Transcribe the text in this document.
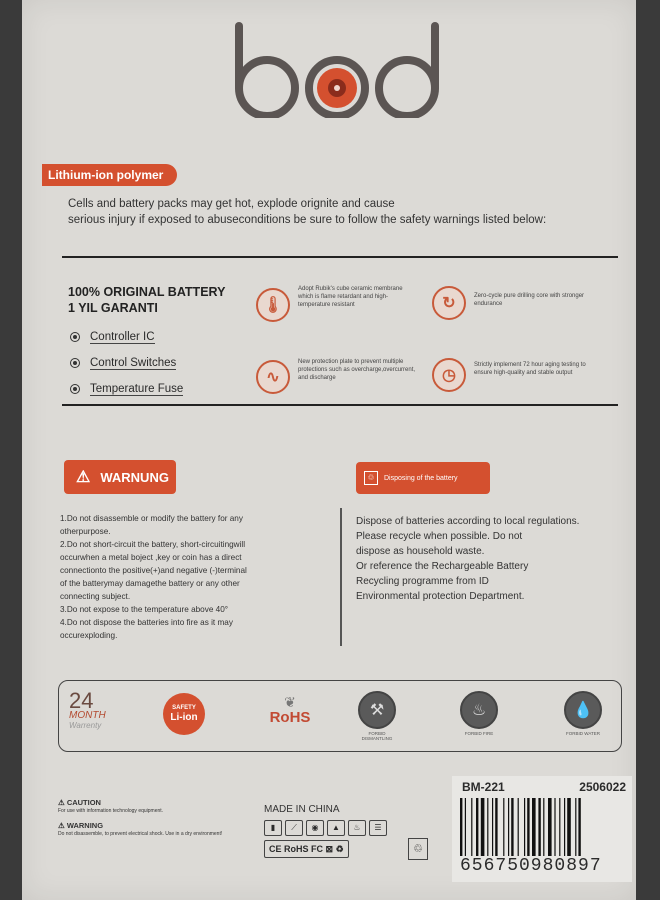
Lithium-ion polymer
Cells and battery packs may get hot, explode orignite and cause
serious injury if exposed to abuseconditions be sure to follow the safety warnings listed below:
100% ORIGINAL BATTERY
1 YIL GARANTI
Controller IC
Control Switches
Temperature Fuse
🌡
Adopt Rubik's cube ceramic membrane which is flame retardant and high-temperature resistant	↻	Zero-cycle pure drilling core with stronger endurance
∿
New protection plate to prevent multiple protections such as overcharge,overcurrent, and discharge	◷
Strictly implement 72 hour aging testing to ensure high-quality and stable output
⚠ WARNUNG	♲	Disposing of the battery
1.Do not disassemble or modify the battery for any
otherpurpose.
2.Do not short-circuit the battery, short-circuitingwill
occurwhen a metal boject ,key or coin has a direct
connectionto the positive(+)and negative (-)terminal
of the batterymay damagethe battery or any other
connecting subject.
3.Do not expose to the temperature above 40°
4.Do not dispose the batteries into fire as it may
occurexploding.
Dispose of batteries according to local regulations.
Please recycle when possible. Do not
dispose as household waste.
Or reference the Rechargeable Battery
Recycling programme from ID
Environmental protection Department.
24
MONTH
Warrenty
SAFETY
Li-ion
❦
RoHS	⚒
FORBID DISMANTLING
♨
FORBID FIRE
💧
FORBID WATER
⚠ CAUTION
For use with information technology equipment.
⚠ WARNING
Do not disassemble, to prevent electrical shock. Use in a dry environment!
MADE IN CHINA
▮	⟋	◉	▲	♨	☰
CE RoHS FC ⊠ ♻	♲
BM-221	2506022
656750980897
